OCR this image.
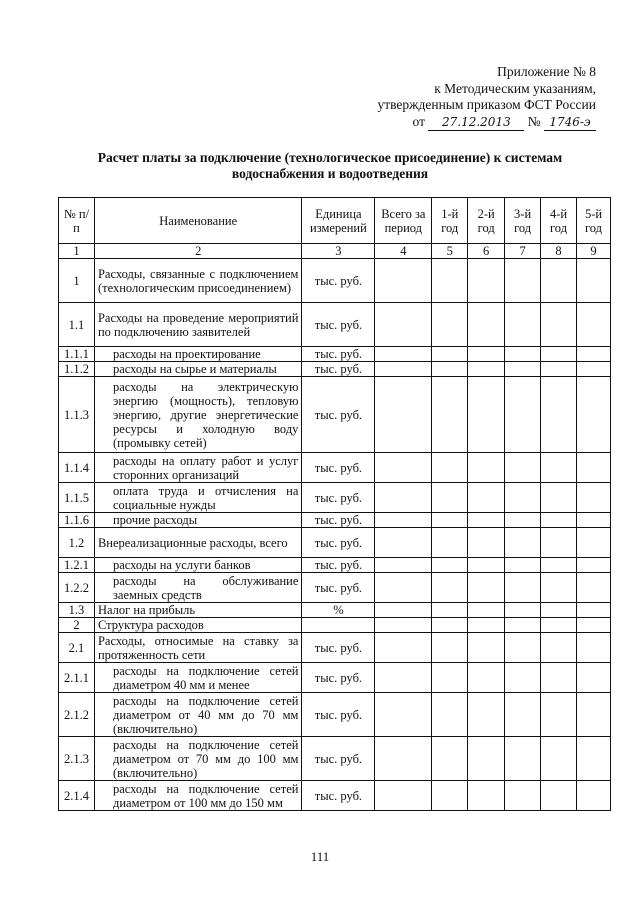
Приложение № 8
к Методическим указаниям,
утвержденным приказом ФСТ России
от 27.12.2013 № 1746-э
Расчет платы за подключение (технологическое присоединение) к системам
водоснабжения и водоотведения
№ п/п	Наименование	Единица измерений	Всего за период	1-й год	2-й год	3-й год	4-й год	5-й год
1	2	3	4	5	6	7	8	9
1	Расходы, связанные с подключением (технологическим присоединением)	тыс. руб.						
1.1	Расходы на проведение мероприятий по подключению заявителей	тыс. руб.						
1.1.1	расходы на проектирование	тыс. руб.						
1.1.2	расходы на сырье и материалы	тыс. руб.						
1.1.3	расходы на электрическую энергию (мощность), тепловую энергию, другие энергетические ресурсы и холодную воду (промывку сетей)	тыс. руб.						
1.1.4	расходы на оплату работ и услуг сторонних организаций	тыс. руб.						
1.1.5	оплата труда и отчисления на социальные нужды	тыс. руб.						
1.1.6	прочие расходы	тыс. руб.						
1.2	Внереализационные расходы, всего	тыс. руб.						
1.2.1	расходы на услуги банков	тыс. руб.						
1.2.2	расходы на обслуживание заемных средств	тыс. руб.						
1.3	Налог на прибыль	%						
2	Структура расходов							
2.1	Расходы, относимые на ставку за протяженность сети	тыс. руб.						
2.1.1	расходы на подключение сетей диаметром 40 мм и менее	тыс. руб.						
2.1.2	расходы на подключение сетей диаметром от 40 мм до 70 мм (включительно)	тыс. руб.						
2.1.3	расходы на подключение сетей диаметром от 70 мм до 100 мм (включительно)	тыс. руб.						
2.1.4	расходы на подключение сетей диаметром от 100 мм до 150 мм	тыс. руб.						
111
